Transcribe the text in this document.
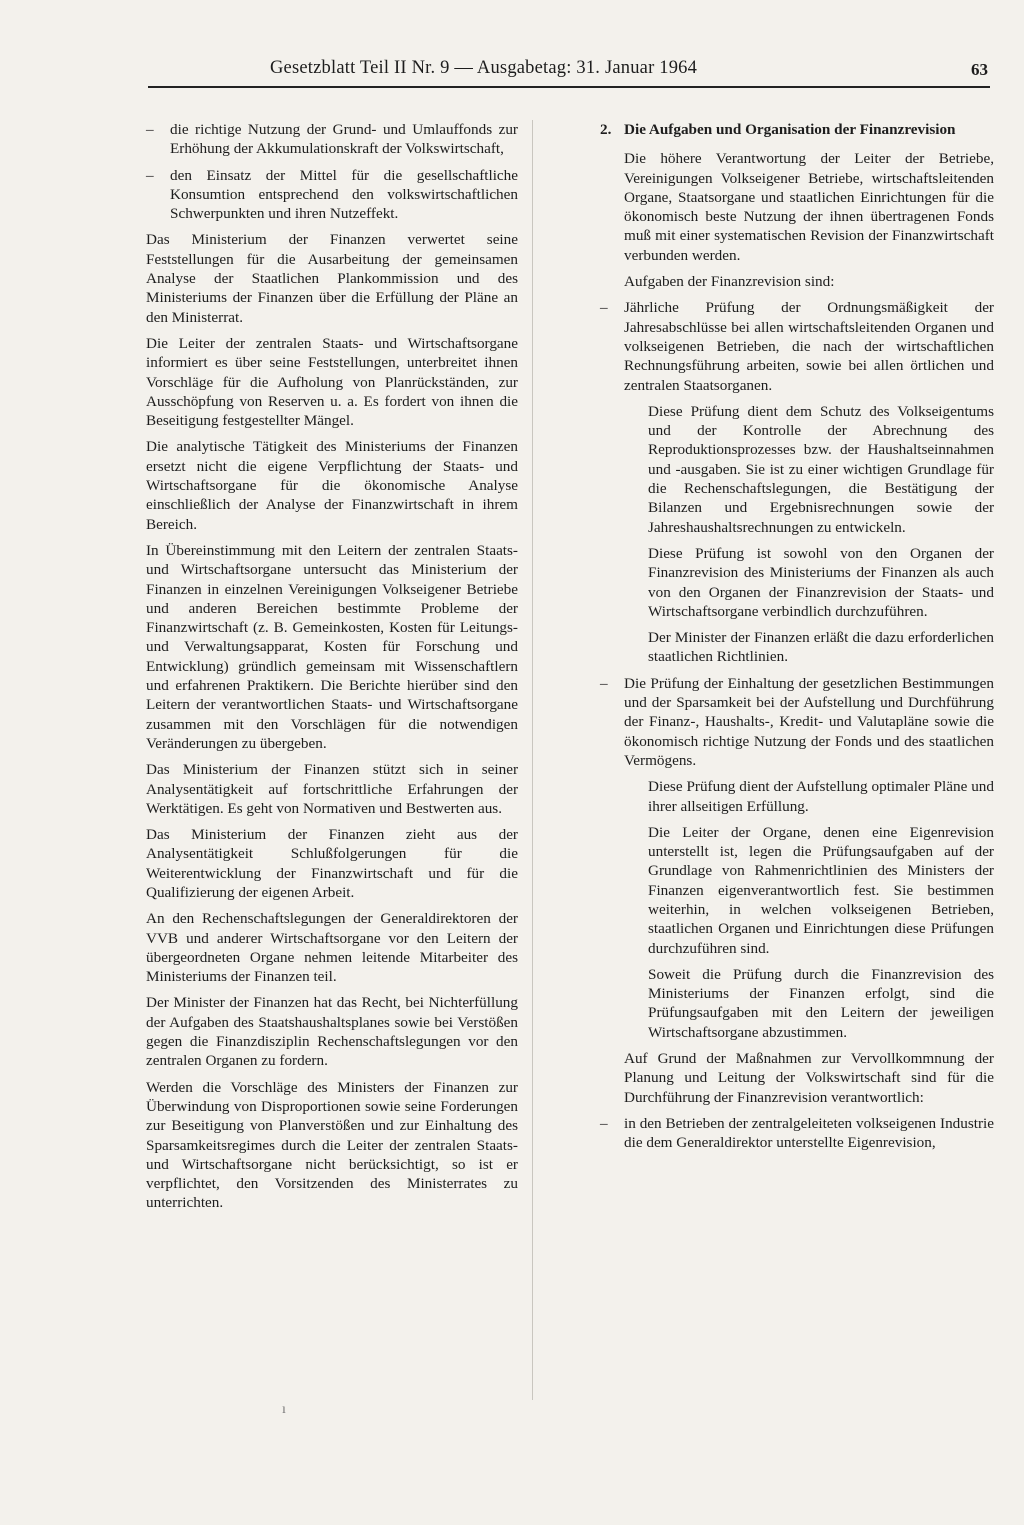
Gesetzblatt Teil II Nr. 9 — Ausgabetag: 31. Januar 1964	63
– die richtige Nutzung der Grund- und Umlauffonds zur Erhöhung der Akkumulationskraft der Volkswirtschaft,

– den Einsatz der Mittel für die gesellschaftliche Konsumtion entsprechend den volkswirtschaftlichen Schwerpunkten und ihren Nutzeffekt.

Das Ministerium der Finanzen verwertet seine Feststellungen für die Ausarbeitung der gemeinsamen Analyse der Staatlichen Plankommission und des Ministeriums der Finanzen über die Erfüllung der Pläne an den Ministerrat.

Die Leiter der zentralen Staats- und Wirtschaftsorgane informiert es über seine Feststellungen, unterbreitet ihnen Vorschläge für die Aufholung von Planrückständen, zur Ausschöpfung von Reserven u. a. Es fordert von ihnen die Beseitigung festgestellter Mängel.

Die analytische Tätigkeit des Ministeriums der Finanzen ersetzt nicht die eigene Verpflichtung der Staats- und Wirtschaftsorgane für die ökonomische Analyse einschließlich der Analyse der Finanzwirtschaft in ihrem Bereich.

In Übereinstimmung mit den Leitern der zentralen Staats- und Wirtschaftsorgane untersucht das Ministerium der Finanzen in einzelnen Vereinigungen Volkseigener Betriebe und anderen Bereichen bestimmte Probleme der Finanzwirtschaft (z. B. Gemeinkosten, Kosten für Leitungs- und Verwaltungsapparat, Kosten für Forschung und Entwicklung) gründlich gemeinsam mit Wissenschaftlern und erfahrenen Praktikern. Die Berichte hierüber sind den Leitern der verantwortlichen Staats- und Wirtschaftsorgane zusammen mit den Vorschlägen für die notwendigen Veränderungen zu übergeben.

Das Ministerium der Finanzen stützt sich in seiner Analysentätigkeit auf fortschrittliche Erfahrungen der Werktätigen. Es geht von Normativen und Bestwerten aus.

Das Ministerium der Finanzen zieht aus der Analysentätigkeit Schlußfolgerungen für die Weiterentwicklung der Finanzwirtschaft und für die Qualifizierung der eigenen Arbeit.

An den Rechenschaftslegungen der Generaldirektoren der VVB und anderer Wirtschaftsorgane vor den Leitern der übergeordneten Organe nehmen leitende Mitarbeiter des Ministeriums der Finanzen teil.

Der Minister der Finanzen hat das Recht, bei Nichterfüllung der Aufgaben des Staatshaushaltsplanes sowie bei Verstößen gegen die Finanzdisziplin Rechenschaftslegungen vor den zentralen Organen zu fordern.

Werden die Vorschläge des Ministers der Finanzen zur Überwindung von Disproportionen sowie seine Forderungen zur Beseitigung von Planverstößen und zur Einhaltung des Sparsamkeitsregimes durch die Leiter der zentralen Staats- und Wirtschaftsorgane nicht berücksichtigt, so ist er verpflichtet, den Vorsitzenden des Ministerrates zu unterrichten.

2. Die Aufgaben und Organisation der Finanzrevision

Die höhere Verantwortung der Leiter der Betriebe, Vereinigungen Volkseigener Betriebe, wirtschaftsleitenden Organe, Staatsorgane und staatlichen Einrichtungen für die ökonomisch beste Nutzung der ihnen übertragenen Fonds muß mit einer systematischen Revision der Finanzwirtschaft verbunden werden.

Aufgaben der Finanzrevision sind:

– Jährliche Prüfung der Ordnungsmäßigkeit der Jahresabschlüsse bei allen wirtschaftsleitenden Organen und volkseigenen Betrieben, die nach der wirtschaftlichen Rechnungsführung arbeiten, sowie bei allen örtlichen und zentralen Staatsorganen.

Diese Prüfung dient dem Schutz des Volkseigentums und der Kontrolle der Abrechnung des Reproduktionsprozesses bzw. der Haushaltseinnahmen und -ausgaben. Sie ist zu einer wichtigen Grundlage für die Rechenschaftslegungen, die Bestätigung der Bilanzen und Ergebnisrechnungen sowie der Jahreshaushaltsrechnungen zu entwickeln.

Diese Prüfung ist sowohl von den Organen der Finanzrevision des Ministeriums der Finanzen als auch von den Organen der Finanzrevision der Staats- und Wirtschaftsorgane verbindlich durchzuführen.

Der Minister der Finanzen erläßt die dazu erforderlichen staatlichen Richtlinien.

– Die Prüfung der Einhaltung der gesetzlichen Bestimmungen und der Sparsamkeit bei der Aufstellung und Durchführung der Finanz-, Haushalts-, Kredit- und Valutapläne sowie die ökonomisch richtige Nutzung der Fonds und des staatlichen Vermögens.

Diese Prüfung dient der Aufstellung optimaler Pläne und ihrer allseitigen Erfüllung.

Die Leiter der Organe, denen eine Eigenrevision unterstellt ist, legen die Prüfungsaufgaben auf der Grundlage von Rahmenrichtlinien des Ministers der Finanzen eigenverantwortlich fest. Sie bestimmen weiterhin, in welchen volkseigenen Betrieben, staatlichen Organen und Einrichtungen diese Prüfungen durchzuführen sind.

Soweit die Prüfung durch die Finanzrevision des Ministeriums der Finanzen erfolgt, sind die Prüfungsaufgaben mit den Leitern der jeweiligen Wirtschaftsorgane abzustimmen.

Auf Grund der Maßnahmen zur Vervollkommnung der Planung und Leitung der Volkswirtschaft sind für die Durchführung der Finanzrevision verantwortlich:

– in den Betrieben der zentralgeleiteten volkseigenen Industrie die dem Generaldirektor unterstellte Eigenrevision,

ı
